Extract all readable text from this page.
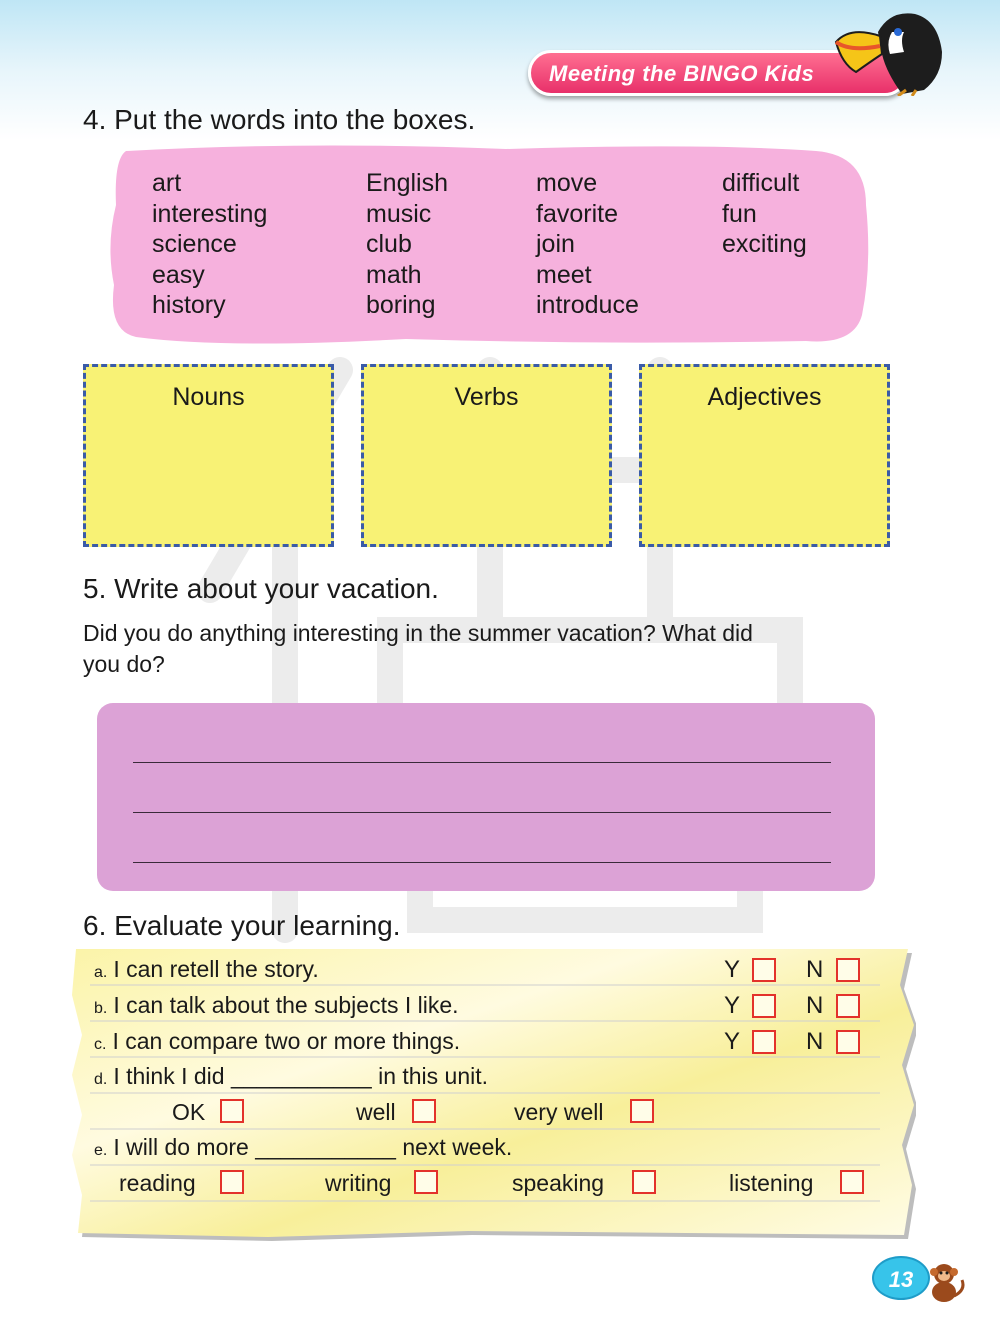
Meeting the BINGO Kids
4. Put the words into the boxes.
art
interesting
science
easy
history
English
music
club
math
boring
move
favorite
join
meet
introduce
difficult
fun
exciting
Nouns	Verbs	Adjectives
5. Write about your vacation.
Did you do anything interesting in the summer vacation? What did
you do?
6. Evaluate your learning.
a. I can retell the story.	Y	N
b. I can talk about the subjects I like.	Y	N
c. I can compare two or more things.	Y	N
d. I think I did ___________ in this unit.
OK	well	very well
e. I will do more ___________ next week.
reading	writing	speaking	listening
13
